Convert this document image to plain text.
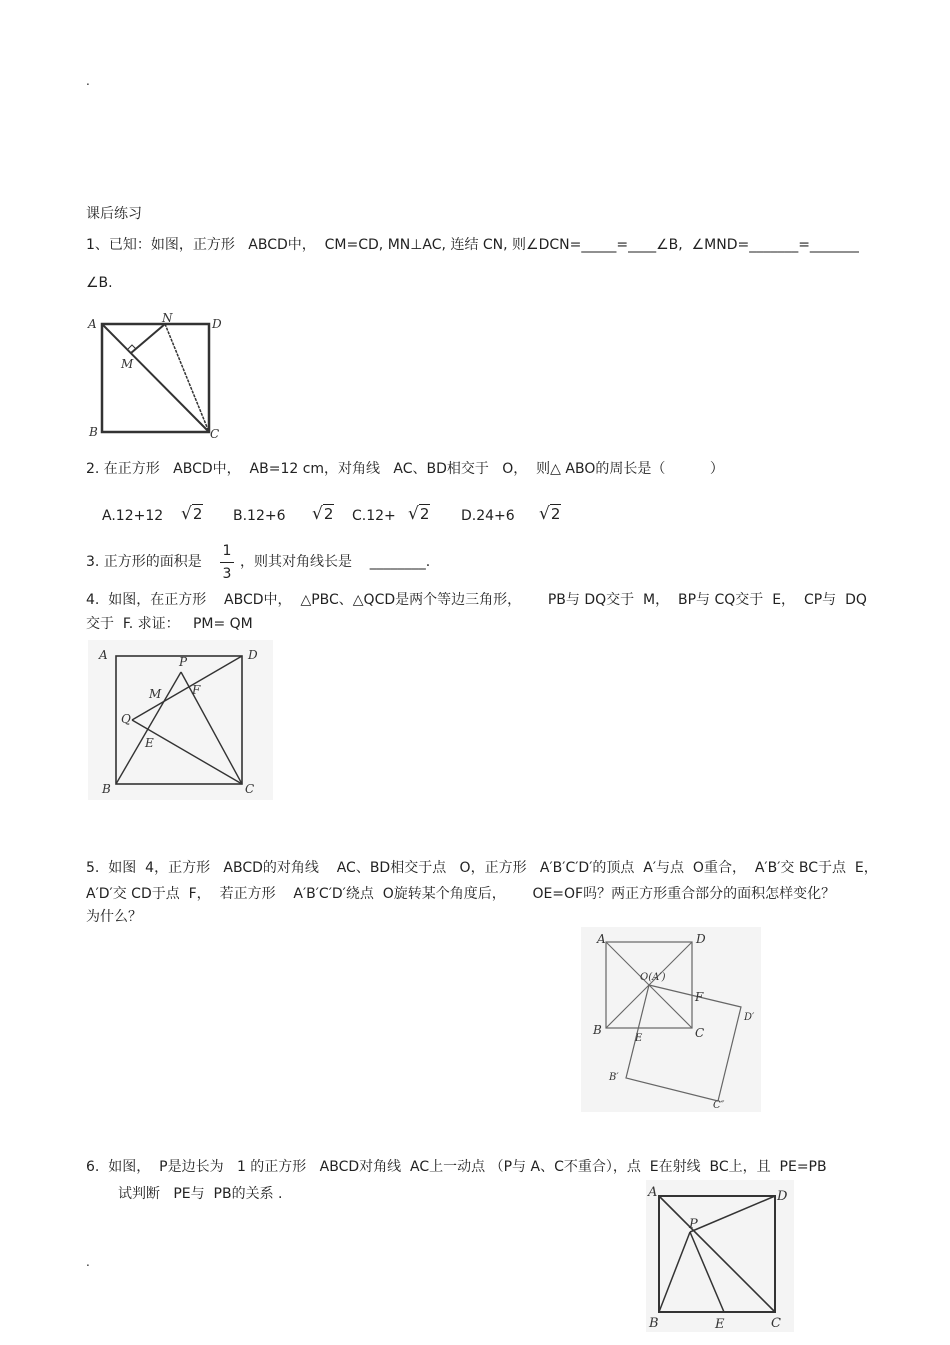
.
课后练习
1、已知：如图，正方形   ABCD中，  CM=CD, MN⊥AC, 连结 CN, 则∠DCN=_____=____∠B,  ∠MND=_______=_______
∠B.
A	N	D
M
B	C
2. 在正方形   ABCD中，  AB=12 cm，对角线   AC、BD相交于   O，  则△ ABO的周长是（          ）
A.12+12 √2 B.12+6 √2 C.12+ √2 D.24+6 √2
3. 正方形的面积是
1
3
，则其对角线长是    ________.
4.  如图，在正方形    ABCD中，  △PBC、△QCD是两个等边三角形，      PB与 DQ交于  M，  BP与 CQ交于  E，  CP与  DQ
交于  F. 求证：   PM= QM
A	P	D
M	F
Q
E
B	C
5.  如图  4，正方形   ABCD的对角线    AC、BD相交于点   O，正方形   A′B′C′D′的顶点  A′与点  O重合，  A′B′交 BC于点  E，
A′D′交 CD于点  F，  若正方形    A′B′C′D′绕点  O旋转某个角度后，      OE=OF吗？两正方形重合部分的面积怎样变化？
为什么？
A	D
O(A′)
F
D′
B
E	C
B′
C″
6.  如图，  P是边长为   1 的正方形   ABCD对角线  AC上一动点 （P与 A、C不重合），点  E在射线  BC上，且  PE=PB
试判断   PE与  PB的关系 .
.
A	D
P
B	E	C
